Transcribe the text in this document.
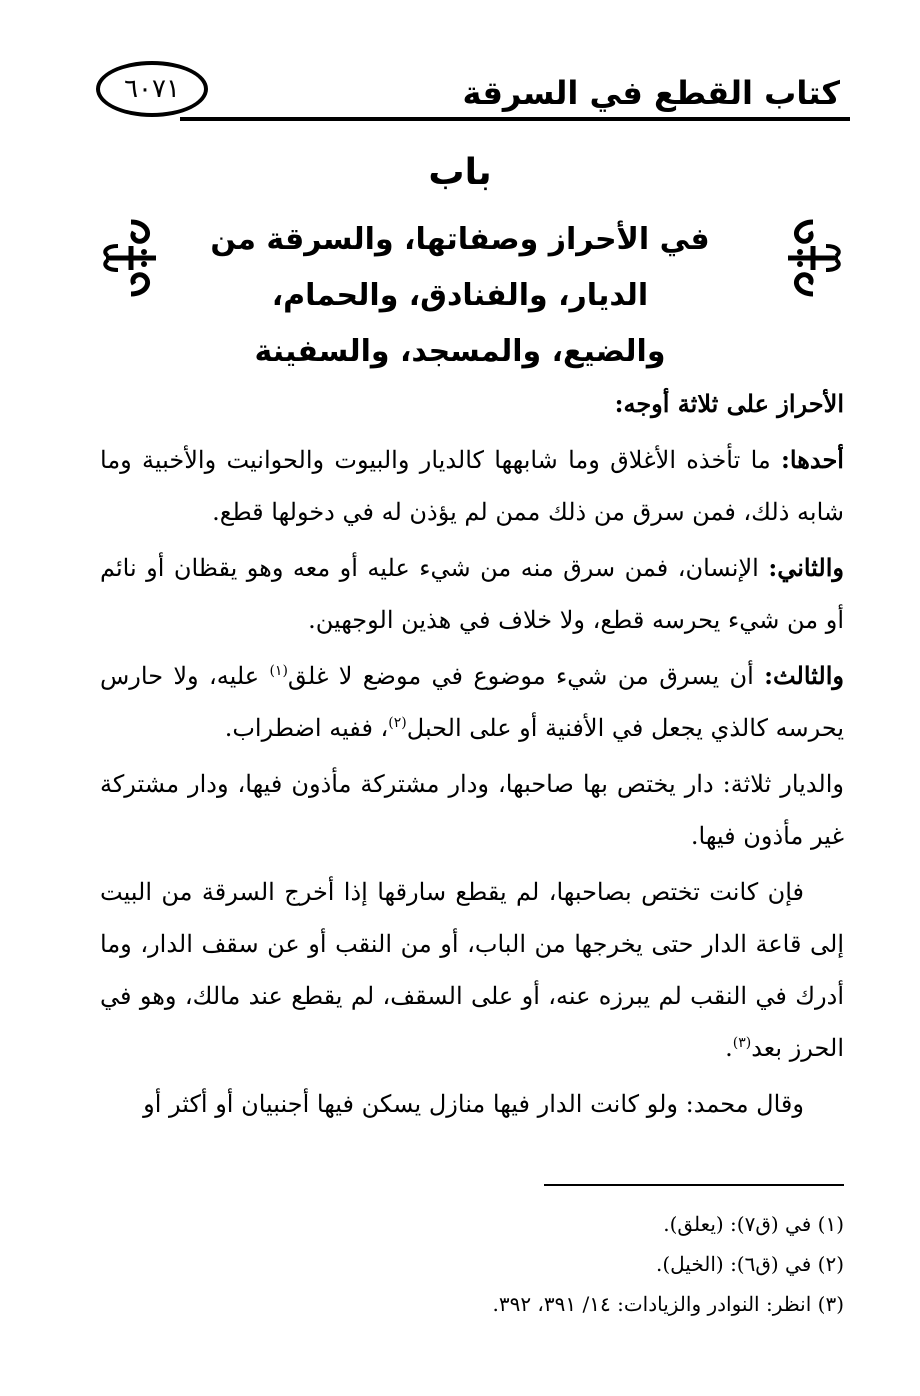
كتاب القطع في السرقة
٦٠٧١
باب
في الأحراز وصفاتها، والسرقة من
الديار، والفنادق، والحمام،
والضيع، والمسجد، والسفينة

الأحراز على ثلاثة أوجه:

أحدها: ما تأخذه الأغلاق وما شابهها كالديار والبيوت والحوانيت والأخبية وما شابه ذلك، فمن سرق من ذلك ممن لم يؤذن له في دخولها قطع.

والثاني: الإنسان، فمن سرق منه من شيء عليه أو معه وهو يقظان أو نائم أو من شيء يحرسه قطع، ولا خلاف في هذين الوجهين.

والثالث: أن يسرق من شيء موضوع في موضع لا غلق$^{(١)}$ عليه، ولا حارس يحرسه كالذي يجعل في الأفنية أو على الحبل$^{(٢)}$، ففيه اضطراب.

والديار ثلاثة: دار يختص بها صاحبها، ودار مشتركة مأذون فيها، ودار مشتركة غير مأذون فيها.

فإن كانت تختص بصاحبها، لم يقطع سارقها إذا أخرج السرقة من البيت إلى قاعة الدار حتى يخرجها من الباب، أو من النقب أو عن سقف الدار، وما أدرك في النقب لم يبرزه عنه، أو على السقف، لم يقطع عند مالك، وهو في الحرز بعد$^{(٣)}$.

وقال محمد: ولو كانت الدار فيها منازل يسكن فيها أجنبيان أو أكثر أو

(١) في (ق٧): (يعلق).
(٢) في (ق٦): (الخيل).
(٣) انظر: النوادر والزيادات: ١٤/ ٣٩١، ٣٩٢.
